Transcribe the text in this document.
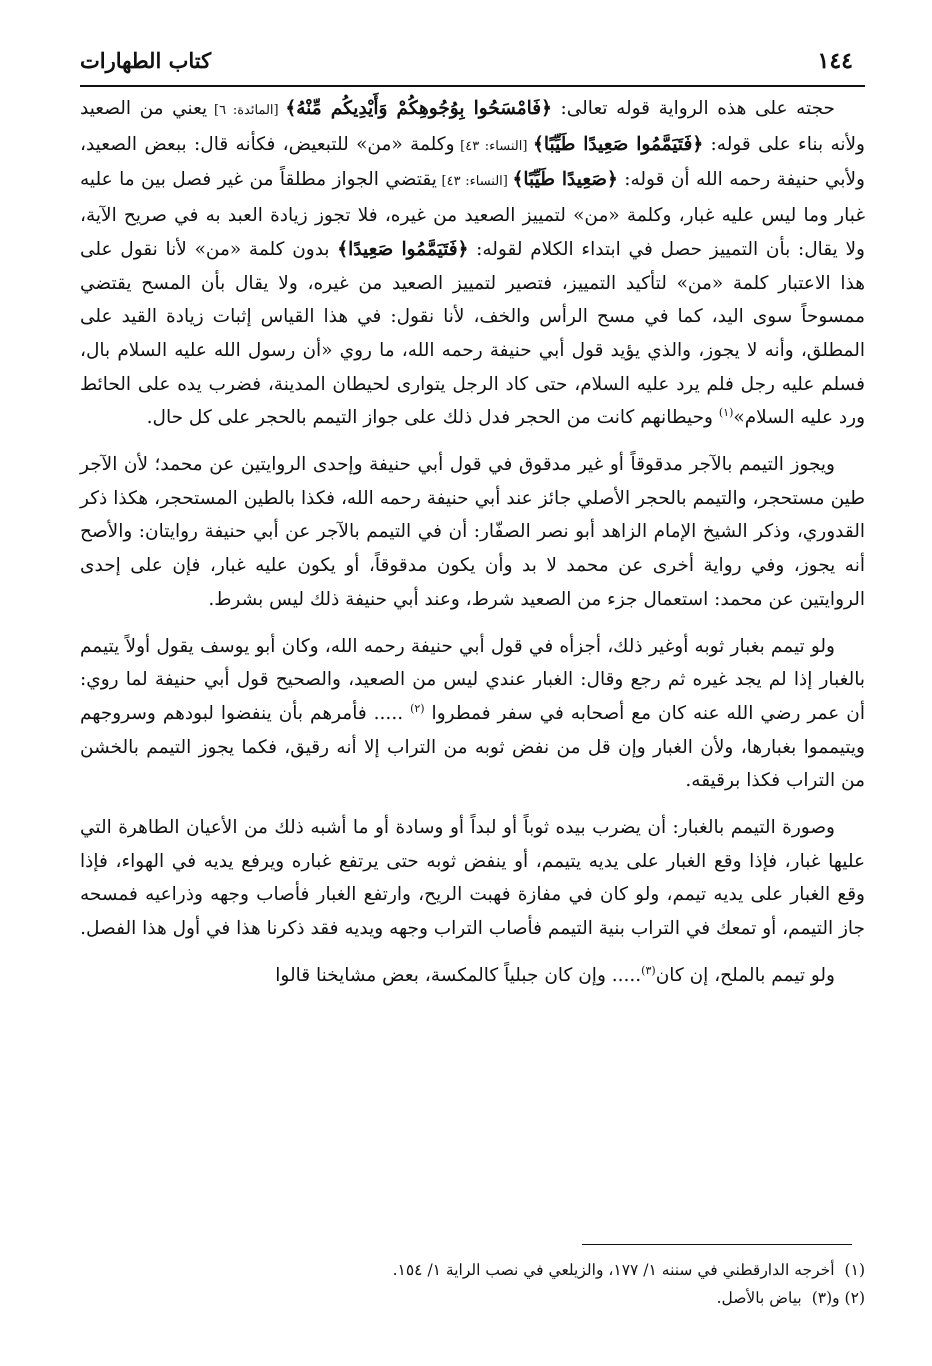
١٤٤
كتاب الطهارات

حجته على هذه الرواية قوله تعالى: ﴿فَامْسَحُوا بِوُجُوهِكُمْ وَأَيْدِيكُم مِّنْهُ﴾ [المائدة: ٦] يعني من الصعيد ولأنه بناء على قوله: ﴿فَتَيَمَّمُوا صَعِيدًا طَيِّبًا﴾ [النساء: ٤٣] وكلمة «من» للتبعيض، فكأنه قال: ببعض الصعيد، ولأبي حنيفة رحمه الله أن قوله: ﴿صَعِيدًا طَيِّبًا﴾ [النساء: ٤٣] يقتضي الجواز مطلقاً من غير فصل بين ما عليه غبار وما ليس عليه غبار، وكلمة «من» لتمييز الصعيد من غيره، فلا تجوز زيادة العبد به في صريح الآية، ولا يقال: بأن التمييز حصل في ابتداء الكلام لقوله: ﴿فَتَيَمَّمُوا صَعِيدًا﴾ بدون كلمة «من» لأنا نقول على هذا الاعتبار كلمة «من» لتأكيد التمييز، فتصير لتمييز الصعيد من غيره، ولا يقال بأن المسح يقتضي ممسوحاً سوى اليد، كما في مسح الرأس والخف، لأنا نقول: في هذا القياس إثبات زيادة القيد على المطلق، وأنه لا يجوز، والذي يؤيد قول أبي حنيفة رحمه الله، ما روي «أن رسول الله عليه السلام بال، فسلم عليه رجل فلم يرد عليه السلام، حتى كاد الرجل يتوارى لحيطان المدينة، فضرب يده على الحائط ورد عليه السلام»$^{(١)}$ وحيطانهم كانت من الحجر فدل ذلك على جواز التيمم بالحجر على كل حال.

ويجوز التيمم بالآجر مدقوقاً أو غير مدقوق في قول أبي حنيفة وإحدى الروايتين عن محمد؛ لأن الآجر طين مستحجر، والتيمم بالحجر الأصلي جائز عند أبي حنيفة رحمه الله، فكذا بالطين المستحجر، هكذا ذكر القدوري، وذكر الشيخ الإمام الزاهد أبو نصر الصفّار: أن في التيمم بالآجر عن أبي حنيفة روايتان: والأصح أنه يجوز، وفي رواية أخرى عن محمد لا بد وأن يكون مدقوقاً، أو يكون عليه غبار، فإن على إحدى الروايتين عن محمد: استعمال جزء من الصعيد شرط، وعند أبي حنيفة ذلك ليس بشرط.

ولو تيمم بغبار ثوبه أوغير ذلك، أجزأه في قول أبي حنيفة رحمه الله، وكان أبو يوسف يقول أولاً يتيمم بالغبار إذا لم يجد غيره ثم رجع وقال: الغبار عندي ليس من الصعيد، والصحيح قول أبي حنيفة لما روي: أن عمر رضي الله عنه كان مع أصحابه في سفر فمطروا $^{(٢)}$ ..... فأمرهم بأن ينفضوا لبودهم وسروجهم ويتيمموا بغبارها، ولأن الغبار وإن قل من نفض ثوبه من التراب إلا أنه رقيق، فكما يجوز التيمم بالخشن من التراب فكذا برقيقه.

وصورة التيمم بالغبار: أن يضرب بيده ثوباً أو لبداً أو وسادة أو ما أشبه ذلك من الأعيان الطاهرة التي عليها غبار، فإذا وقع الغبار على يديه يتيمم، أو ينفض ثوبه حتى يرتفع غباره ويرفع يديه في الهواء، فإذا وقع الغبار على يديه تيمم، ولو كان في مفازة فهبت الريح، وارتفع الغبار فأصاب وجهه وذراعيه فمسحه جاز التيمم، أو تمعك في التراب بنية التيمم فأصاب التراب وجهه ويديه فقد ذكرنا هذا في أول هذا الفصل.

ولو تيمم بالملح، إن كان$^{(٣)}$..... وإن كان جبلياً كالمكسة، بعض مشايخنا قالوا

(١)أخرجه الدارقطني في سننه ١/ ١٧٧، والزيلعي في نصب الراية ١/ ١٥٤.
(٢) و(٣)بياض بالأصل.
